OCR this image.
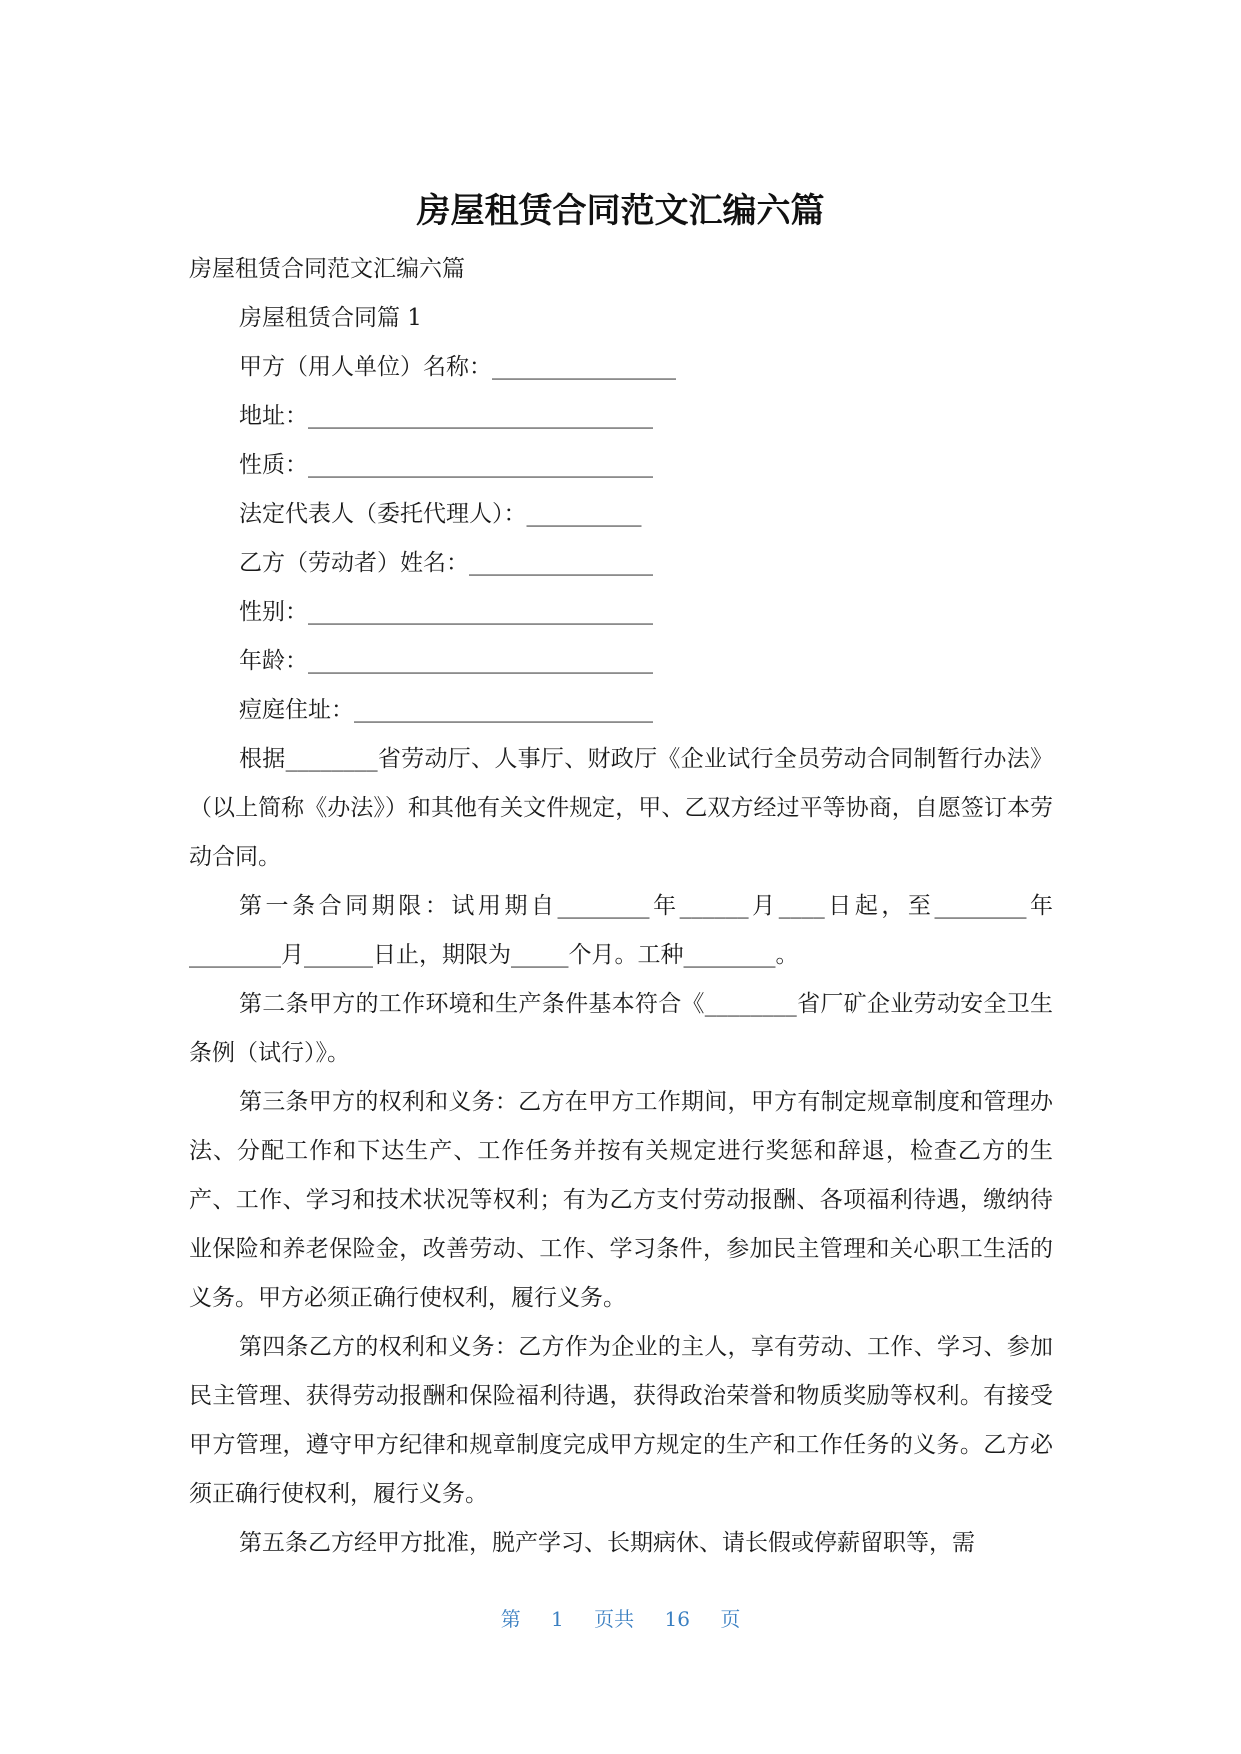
房屋租赁合同范文汇编六篇
房屋租赁合同范文汇编六篇
房屋租赁合同篇 1
甲方（用人单位）名称：________________
地址：______________________________
性质：______________________________
法定代表人（委托代理人）：__________
乙方（劳动者）姓名：________________
性别：______________________________
年龄：______________________________
痘庭住址：__________________________

根据________省劳动厅、人事厅、财政厅《企业试行全员劳动合同制暂行办法》（以上简称《办法》）和其他有关文件规定，甲、乙双方经过平等协商，自愿签订本劳动合同。

第一条合同期限：试用期自________年______月____日起，至________年________月______日止，期限为_____个月。工种________。

第二条甲方的工作环境和生产条件基本符合《________省厂矿企业劳动安全卫生条例（试行）》。

第三条甲方的权利和义务：乙方在甲方工作期间，甲方有制定规章制度和管理办法、分配工作和下达生产、工作任务并按有关规定进行奖惩和辞退，检查乙方的生产、工作、学习和技术状况等权利；有为乙方支付劳动报酬、各项福利待遇，缴纳待业保险和养老保险金，改善劳动、工作、学习条件，参加民主管理和关心职工生活的义务。甲方必须正确行使权利，履行义务。

第四条乙方的权利和义务：乙方作为企业的主人，享有劳动、工作、学习、参加民主管理、获得劳动报酬和保险福利待遇，获得政治荣誉和物质奖励等权利。有接受甲方管理，遵守甲方纪律和规章制度完成甲方规定的生产和工作任务的义务。乙方必须正确行使权利，履行义务。

第五条乙方经甲方批准，脱产学习、长期病休、请长假或停薪留职等，需

第 1 页共 16 页
